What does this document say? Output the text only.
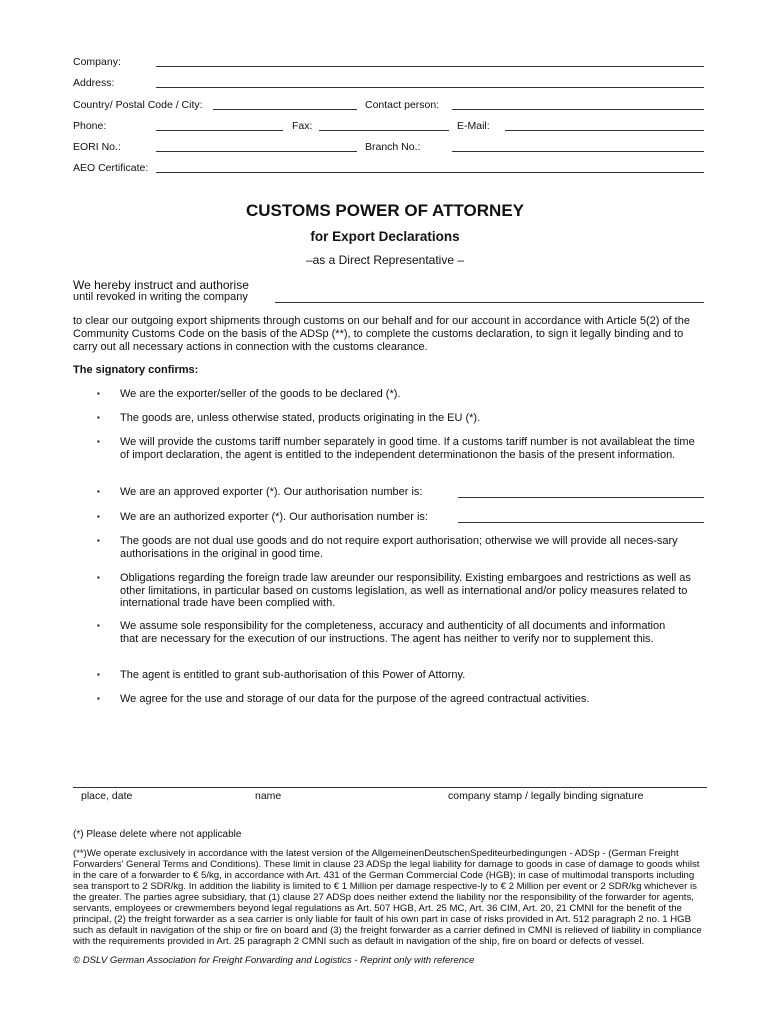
Company:
Address:
Country/ Postal Code / City:	Contact person:
Phone:	Fax:	E-Mail:
EORI No.:	Branch No.:
AEO Certificate:
CUSTOMS POWER OF ATTORNEY
for Export Declarations
–as a Direct Representative –
We hereby instruct and authorise
until revoked in writing the company
to clear our outgoing export shipments through customs on our behalf and for our account in accordance with Article 5(2) of the Community Customs Code on the basis of the ADSp (**), to complete the customs declaration, to sign it legally binding and to carry out all necessary actions in connection with the customs clearance.
The signatory confirms:
▪ We are the exporter/seller of the goods to be declared (*).
▪ The goods are, unless otherwise stated, products originating in the EU (*).
▪ We will provide the customs tariff number separately in good time. If a customs tariff number is not availableat the time of import declaration, the agent is entitled to the independent determinationon the basis of the present information.
▪ We are an approved exporter (*). Our authorisation number is:
▪ We are an authorized exporter (*). Our authorisation number is:
▪ The goods are not dual use goods and do not require export authorisation; otherwise we will provide all neces-sary authorisations in the original in good time.
▪ Obligations regarding the foreign trade law areunder our responsibility. Existing embargoes and restrictions as well as other limitations, in particular based on customs legislation, as well as international and/or policy measures related to international trade have been complied with.
▪ We assume sole responsibility for the completeness, accuracy and authenticity of all documents and information that are necessary for the execution of our instructions. The agent has neither to verify nor to supplement this.
▪ The agent is entitled to grant sub-authorisation of this Power of Attorny.
▪ We agree for the use and storage of our data for the purpose of the agreed contractual activities.
place, date	name	company stamp / legally binding signature
(*) Please delete where not applicable
(**)We operate exclusively in accordance with the latest version of the AllgemeinenDeutschenSpediteurbedingungen - ADSp - (German Freight Forwarders' General Terms and Conditions). These limit in clause 23 ADSp the legal liability for damage to goods in case of damage to goods whilst in the care of a forwarder to € 5/kg, in accordance with Art. 431 of the German Commercial Code (HGB); in case of multimodal transports including sea transport to 2 SDR/kg. In addition the liability is limited to € 1 Million per damage respective-ly to € 2 Million per event or 2 SDR/kg whichever is the greater. The parties agree subsidiary, that (1) clause 27 ADSp does neither extend the liability nor the responsibility of the forwarder for agents, servants, employees or crewmembers beyond legal regulations as Art. 507 HGB, Art. 25 MC, Art. 36 CIM, Art. 20, 21 CMNI for the benefit of the principal, (2) the freight forwarder as a sea carrier is only liable for fault of his own part in case of risks provided in Art. 512 paragraph 2 no. 1 HGB such as default in navigation of the ship or fire on board and (3) the freight forwarder as a carrier defined in CMNI is relieved of liability in compliance with the requirements provided in Art. 25 paragraph 2 CMNI such as default in navigation of the ship, fire on board or defects of vessel.
© DSLV German Association for Freight Forwarding and Logistics - Reprint only with reference
